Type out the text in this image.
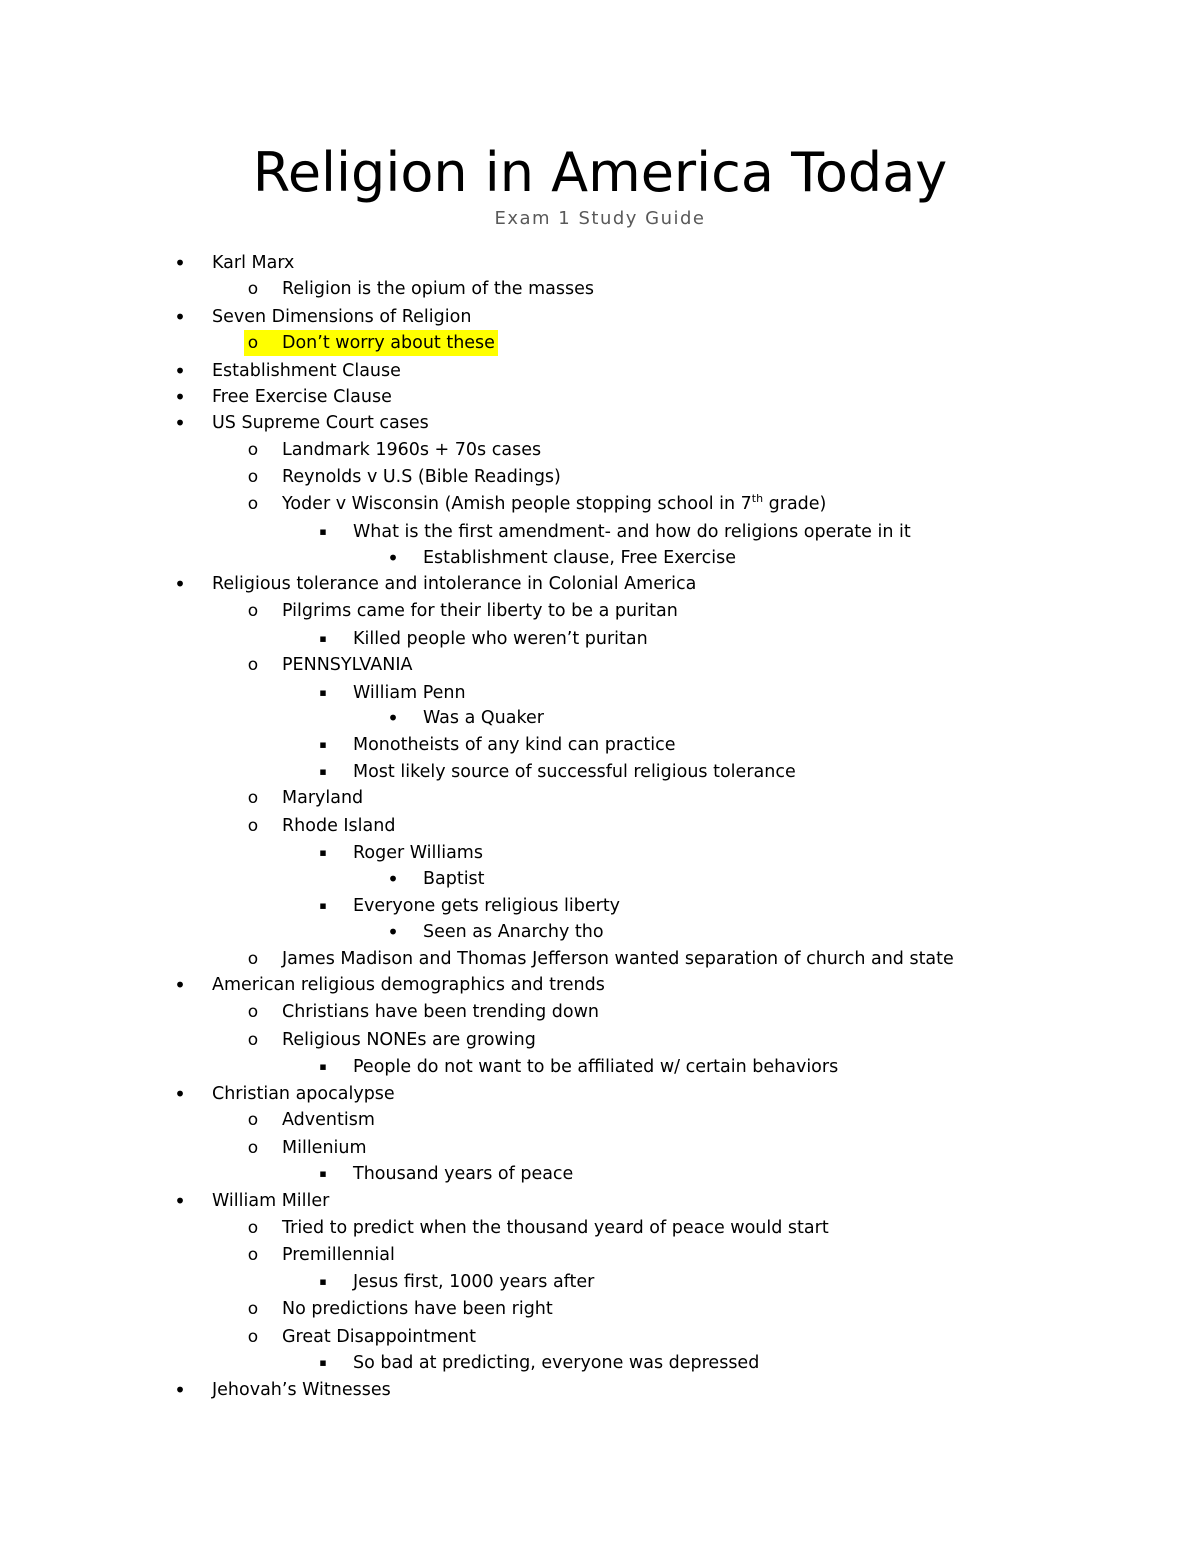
Religion in America Today
Exam 1 Study Guide
• Karl Marx
o Religion is the opium of the masses
• Seven Dimensions of Religion
o Don’t worry about these
• Establishment Clause
• Free Exercise Clause
• US Supreme Court cases
o Landmark 1960s + 70s cases
o Reynolds v U.S (Bible Readings)
o Yoder v Wisconsin (Amish people stopping school in 7th grade)
▪	What is the first amendment- and how do religions operate in it
• Establishment clause, Free Exercise
• Religious tolerance and intolerance in Colonial America
o Pilgrims came for their liberty to be a puritan
▪	Killed people who weren’t puritan
o PENNSYLVANIA
▪	William Penn
• Was a Quaker
▪	Monotheists of any kind can practice
▪	Most likely source of successful religious tolerance
o Maryland
o Rhode Island
▪	Roger Williams
• Baptist
▪	Everyone gets religious liberty
• Seen as Anarchy tho
o James Madison and Thomas Jefferson wanted separation of church and state
• American religious demographics and trends
o Christians have been trending down
o Religious NONEs are growing
▪	People do not want to be affiliated w/ certain behaviors
• Christian apocalypse
o Adventism
o Millenium
▪	Thousand years of peace
• William Miller
o Tried to predict when the thousand yeard of peace would start
o Premillennial
▪	Jesus first, 1000 years after
o No predictions have been right
o Great Disappointment
▪	So bad at predicting, everyone was depressed
• Jehovah’s Witnesses
